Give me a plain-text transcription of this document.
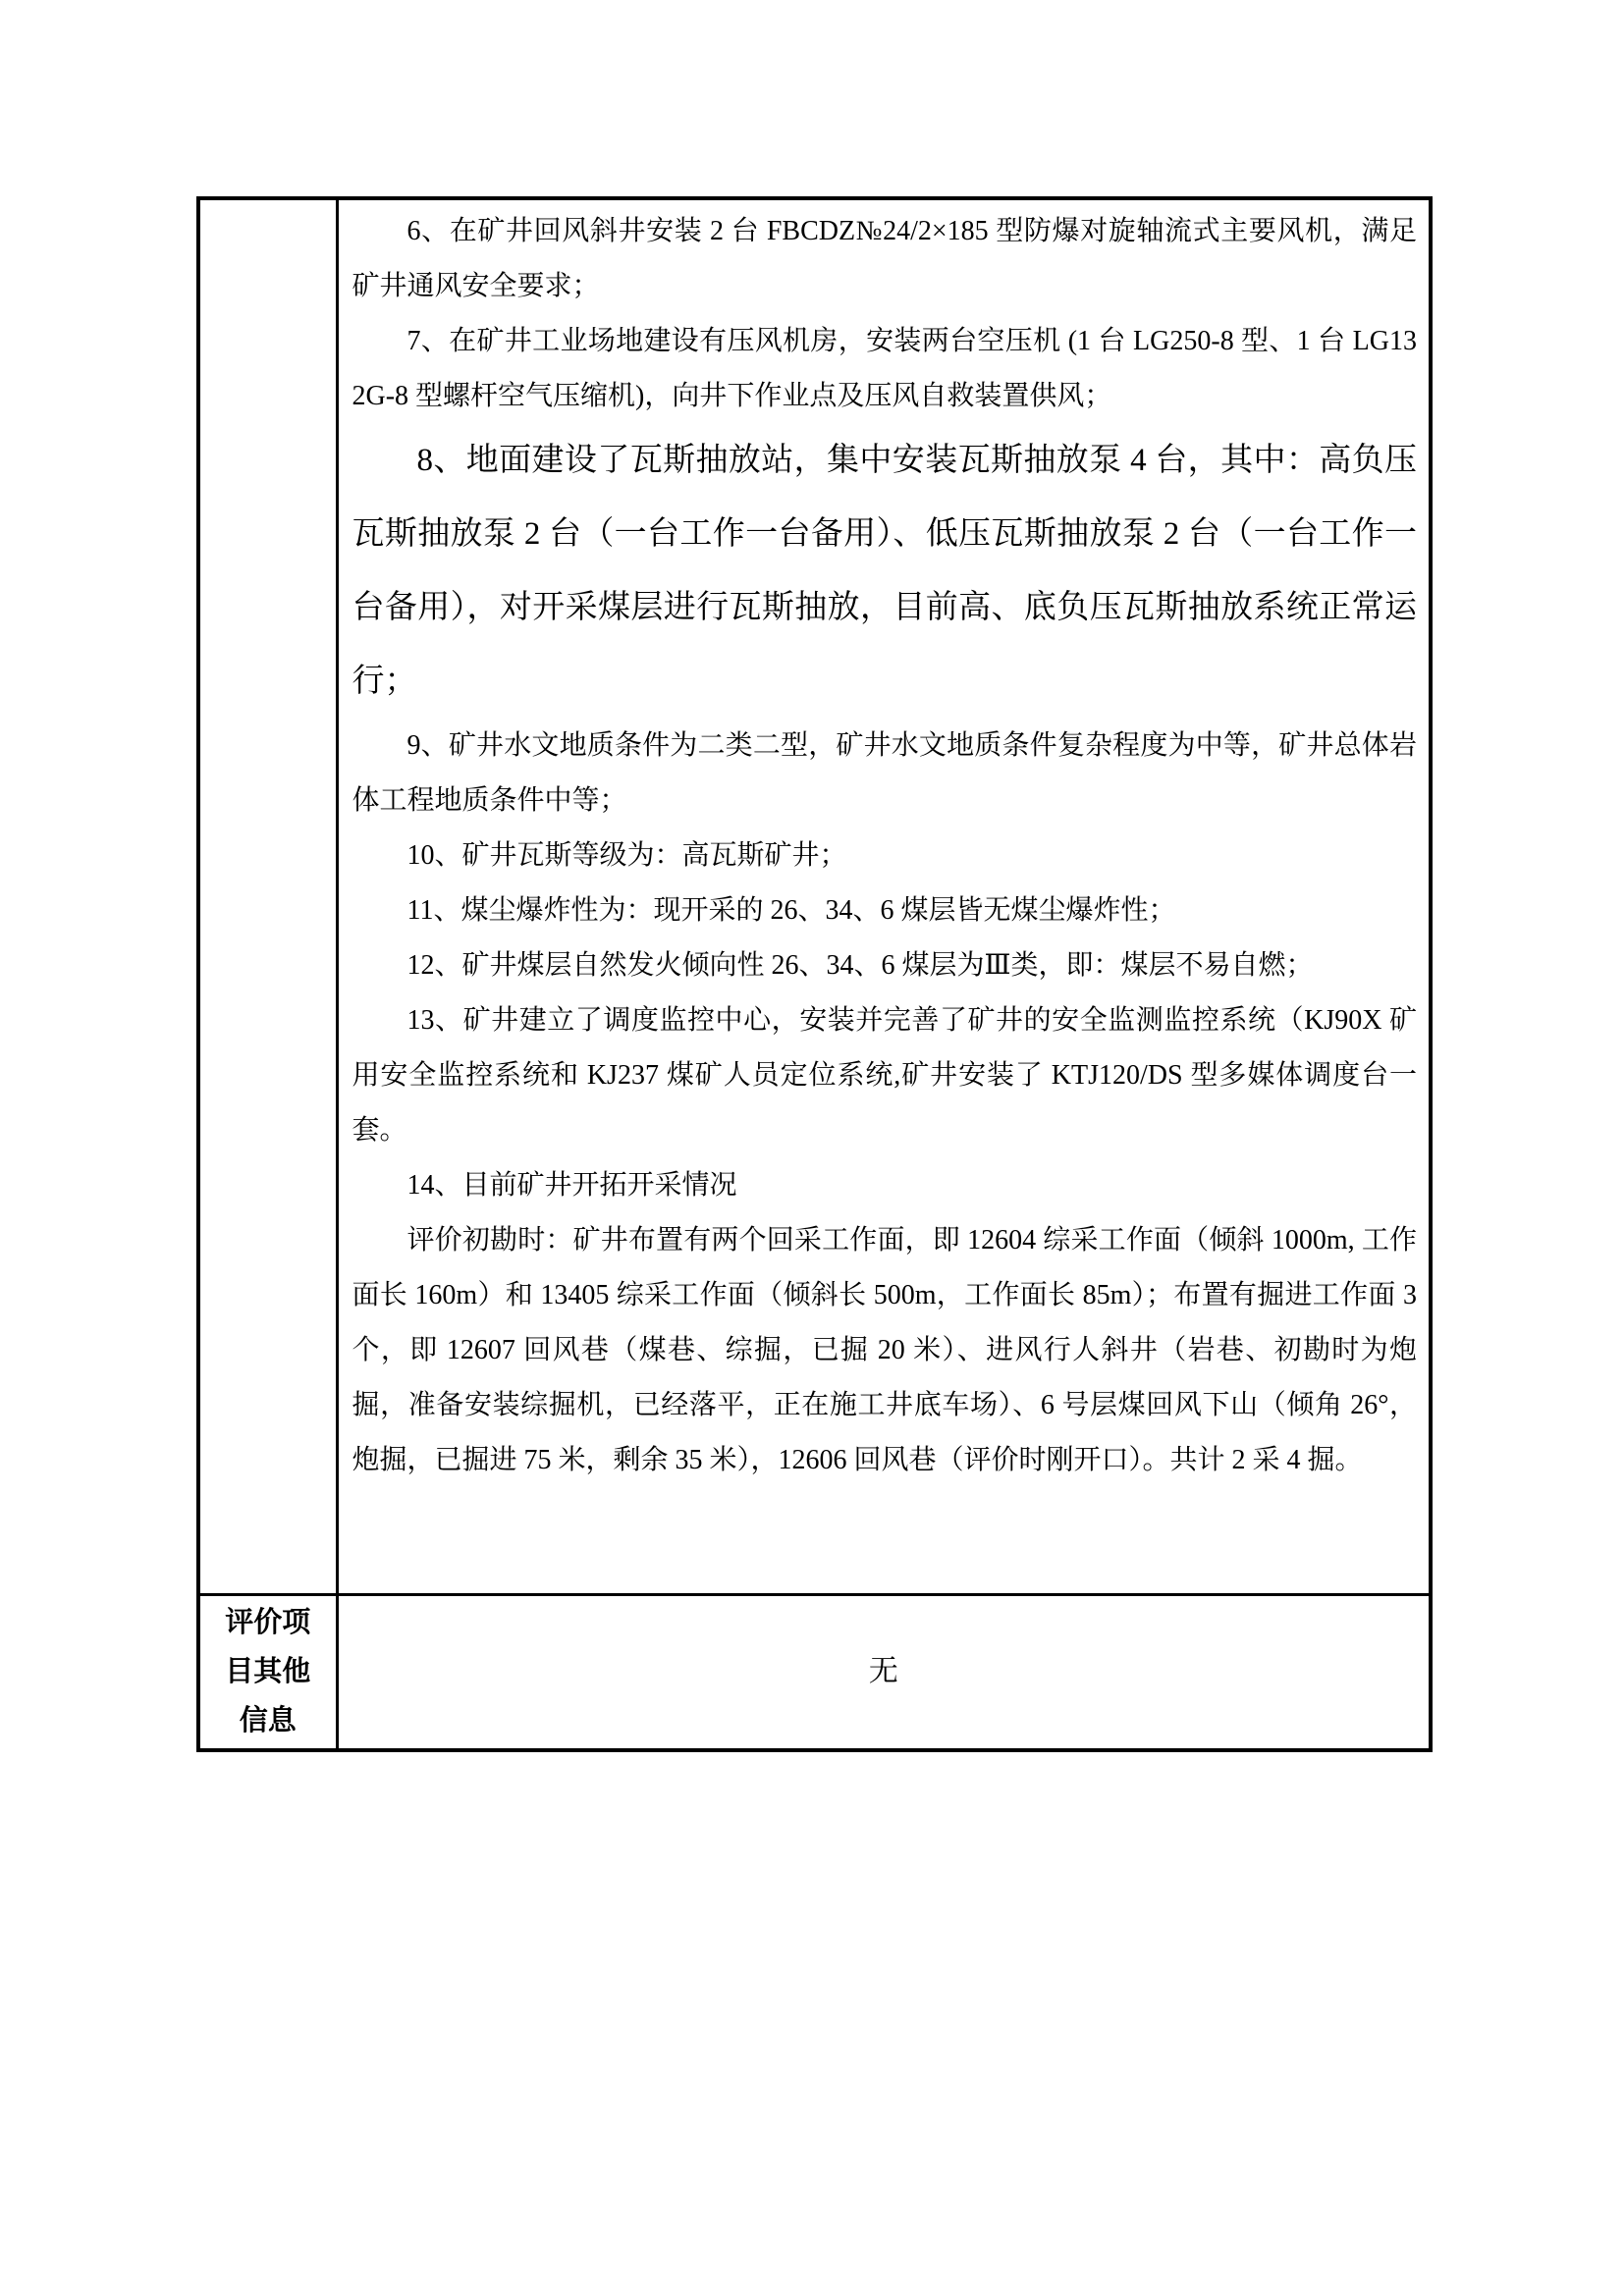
6、在矿井回风斜井安装 2 台 FBCDZ№24/2×185 型防爆对旋轴流式主要风机，满足矿井通风安全要求；

7、在矿井工业场地建设有压风机房，安装两台空压机 (1 台 LG250-8 型、1 台 LG132G-8 型螺杆空气压缩机)，向井下作业点及压风自救装置供风；

8、地面建设了瓦斯抽放站，集中安装瓦斯抽放泵 4 台，其中：高负压瓦斯抽放泵 2 台（一台工作一台备用）、低压瓦斯抽放泵 2 台（一台工作一台备用），对开采煤层进行瓦斯抽放，目前高、底负压瓦斯抽放系统正常运行；

9、矿井水文地质条件为二类二型，矿井水文地质条件复杂程度为中等，矿井总体岩体工程地质条件中等；

10、矿井瓦斯等级为：高瓦斯矿井；

11、煤尘爆炸性为：现开采的 26、34、6 煤层皆无煤尘爆炸性；

12、矿井煤层自然发火倾向性 26、34、6 煤层为Ⅲ类，即：煤层不易自燃；

13、矿井建立了调度监控中心，安装并完善了矿井的安全监测监控系统（KJ90X 矿用安全监控系统和 KJ237 煤矿人员定位系统,矿井安装了 KTJ120/DS 型多媒体调度台一套。

14、目前矿井开拓开采情况

评价初勘时：矿井布置有两个回采工作面，即 12604 综采工作面（倾斜 1000m, 工作面长 160m）和 13405 综采工作面（倾斜长 500m，工作面长 85m）；布置有掘进工作面 3 个，即 12607 回风巷（煤巷、综掘，已掘 20 米）、进风行人斜井（岩巷、初勘时为炮掘，准备安装综掘机，已经落平，正在施工井底车场）、6 号层煤回风下山（倾角 26°，炮掘，已掘进 75 米，剩余 35 米），12606 回风巷（评价时刚开口）。共计 2 采 4 掘。

评价项目其他信息	无
